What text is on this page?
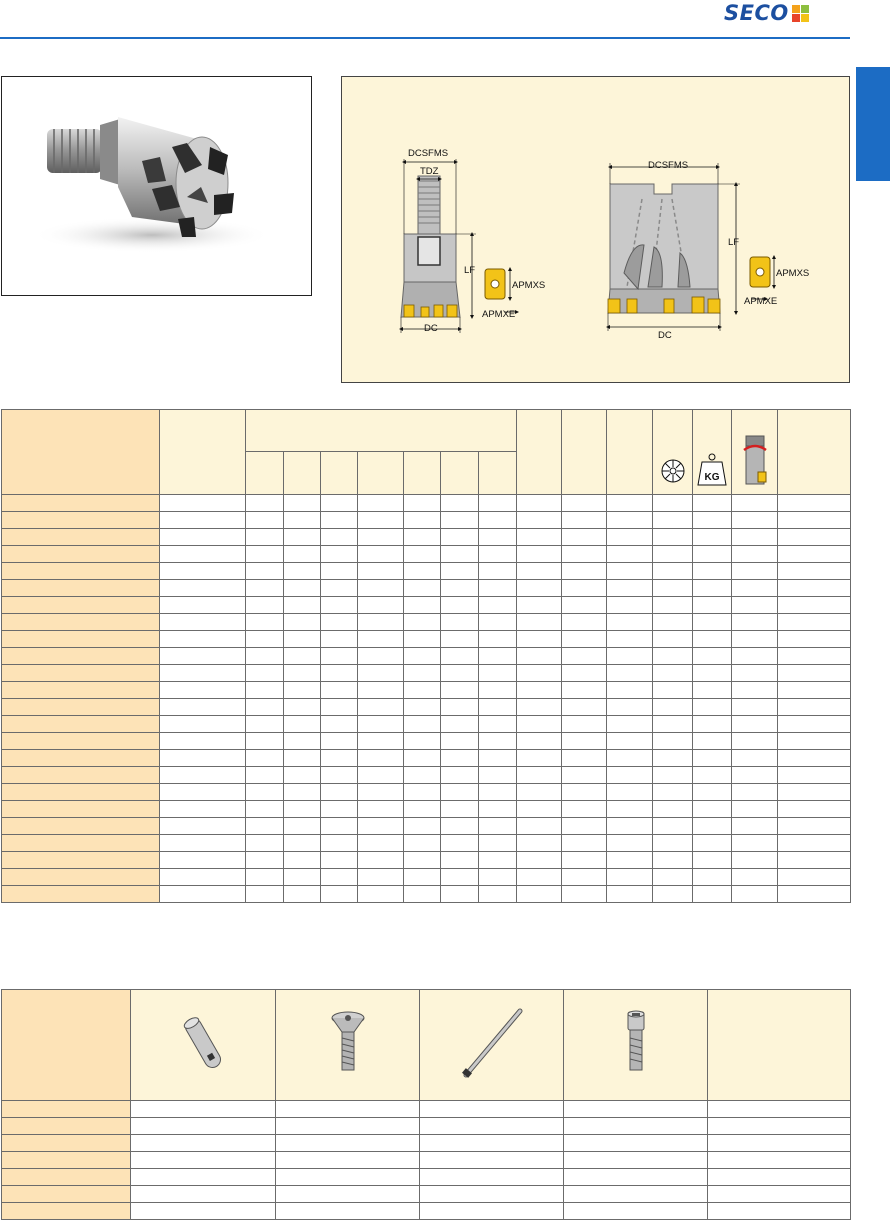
SECO
DCSFMS
TDZ
LF
DC
APMXS
APMXE
DCSFMS
LF
DC
APMXS
APMXE

KG
